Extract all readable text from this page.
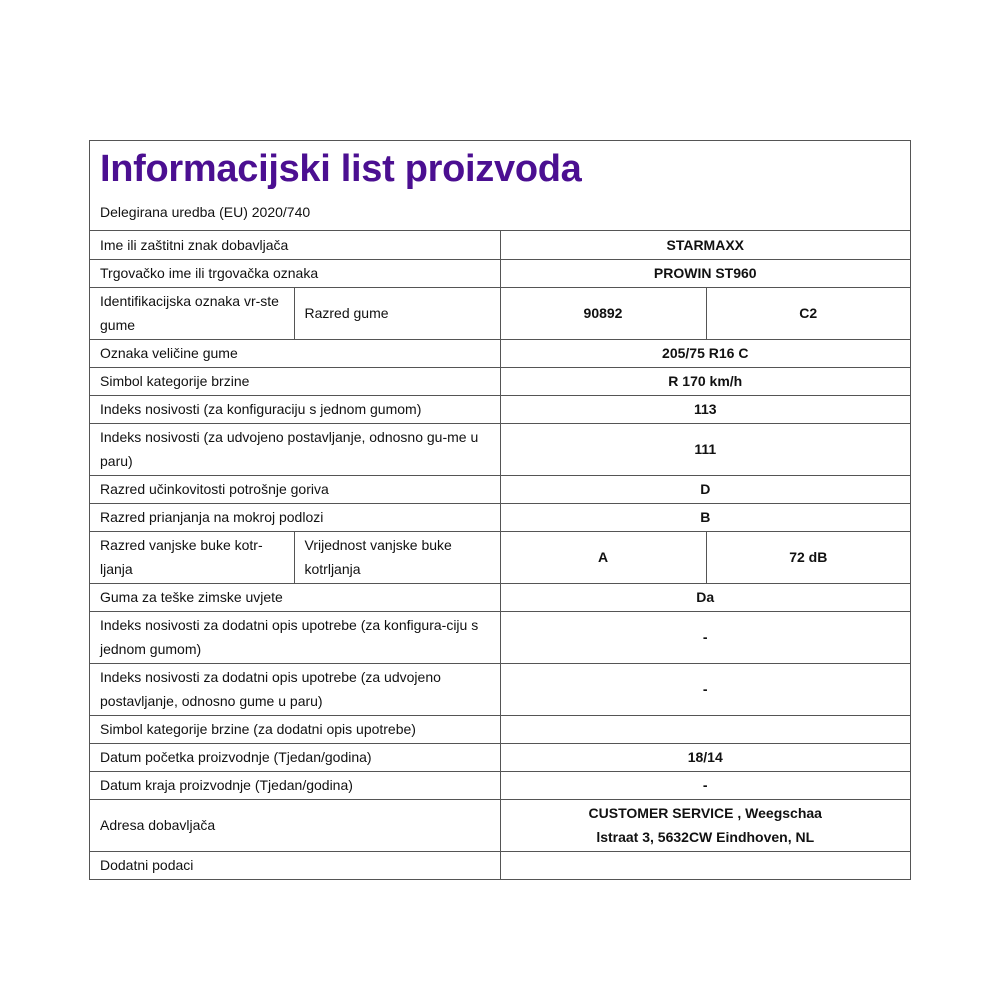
Informacijski list proizvoda
Delegirana uredba (EU) 2020/740
Ime ili zaštitni znak dobavljača		STARMAXX	
Trgovačko ime ili trgovačka oznaka		PROWIN ST960	
Identifikacijska oznaka vr-ste gume	Razred gume	90892	C2
Oznaka veličine gume		205/75 R16 C	
Simbol kategorije brzine		R 170 km/h	
Indeks nosivosti (za konfiguraciju s jednom gumom)		113	
Indeks nosivosti (za udvojeno postavljanje, odnosno gu-me u paru)		111	
Razred učinkovitosti potrošnje goriva		D	
Razred prianjanja na mokroj podlozi		B	
Razred vanjske buke kotr-ljanja	Vrijednost vanjske buke kotrljanja	A	72 dB
Guma za teške zimske uvjete		Da	
Indeks nosivosti za dodatni opis upotrebe (za konfigura-ciju s jednom gumom)		-	
Indeks nosivosti za dodatni opis upotrebe (za udvojeno postavljanje, odnosno gume u paru)		-	
Simbol kategorije brzine (za dodatni opis upotrebe)			
Datum početka proizvodnje (Tjedan/godina)		18/14	
Datum kraja proizvodnje (Tjedan/godina)		-	
Adresa dobavljača		CUSTOMER SERVICE , Weegschaa
lstraat 3, 5632CW Eindhoven, NL	

Dodatni podaci			
